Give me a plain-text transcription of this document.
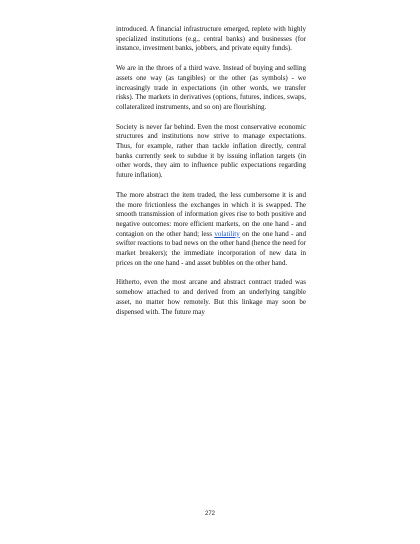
introduced. A financial infrastructure emerged, replete with highly specialized institutions (e.g., central banks) and businesses (for instance, investment banks, jobbers, and private equity funds).

We are in the throes of a third wave. Instead of buying and selling assets one way (as tangibles) or the other (as symbols) - we increasingly trade in expectations (in other words, we transfer risks). The markets in derivatives (options, futures, indices, swaps, collateralized instruments, and so on) are flourishing.

Society is never far behind. Even the most conservative economic structures and institutions now strive to manage expectations. Thus, for example, rather than tackle inflation directly, central banks currently seek to subdue it by issuing inflation targets (in other words, they aim to influence public expectations regarding future inflation).

The more abstract the item traded, the less cumbersome it is and the more frictionless the exchanges in which it is swapped. The smooth transmission of information gives rise to both positive and negative outcomes: more efficient markets, on the one hand - and contagion on the other hand; less volatility on the one hand - and swifter reactions to bad news on the other hand (hence the need for market breakers); the immediate incorporation of new data in prices on the one hand - and asset bubbles on the other hand.

Hitherto, even the most arcane and abstract contract traded was somehow attached to and derived from an underlying tangible asset, no matter how remotely. But this linkage may soon be dispensed with. The future may

272
